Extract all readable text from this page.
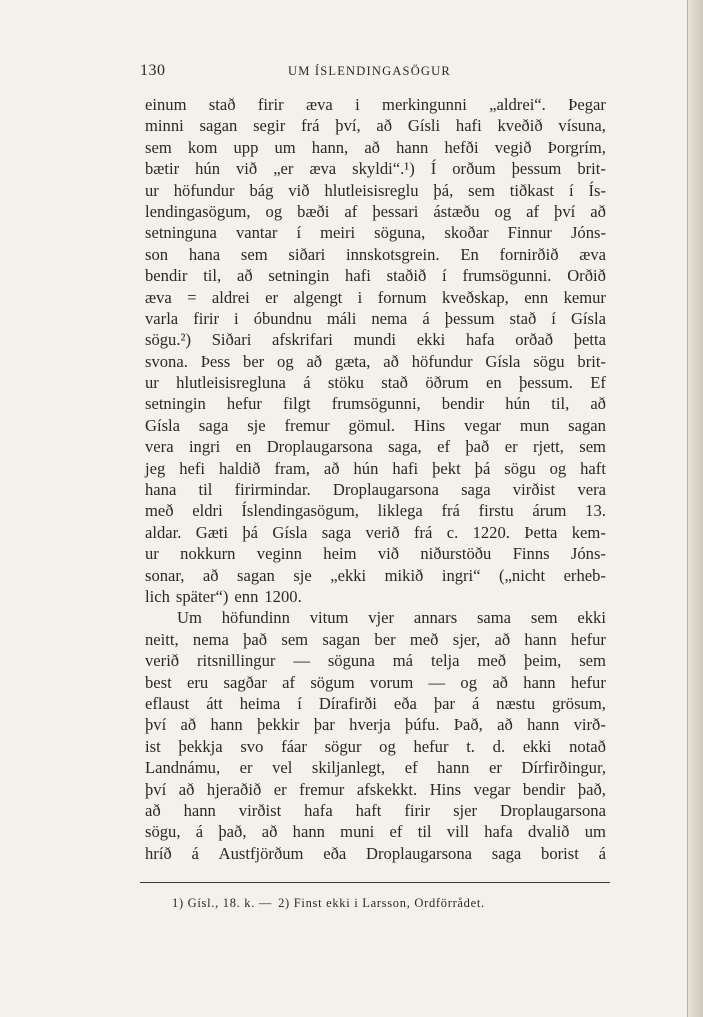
130	UM ÍSLENDINGASÖGUR
einum stað firir æva i merkingunni „aldrei“. Þegar
minni sagan segir frá því, að Gísli hafi kveðið vísuna,
sem kom upp um hann, að hann hefði vegið Þorgrím,
bætir hún við „er æva skyldi“.¹) Í orðum þessum brit-
ur höfundur bág við hlutleisisreglu þá, sem tiðkast í Ís-
lendingasögum, og bæði af þessari ástæðu og af því að
setninguna vantar í meiri söguna, skoðar Finnur Jóns-
son hana sem siðari innskotsgrein. En fornirðið æva
bendir til, að setningin hafi staðið í frumsögunni. Orðið
æva = aldrei er algengt i fornum kveðskap, enn kemur
varla firir i óbundnu máli nema á þessum stað í Gísla
sögu.²) Siðari afskrifari mundi ekki hafa orðað þetta
svona. Þess ber og að gæta, að höfundur Gísla sögu brit-
ur hlutleisisregluna á stöku stað öðrum en þessum. Ef
setningin hefur filgt frumsögunni, bendir hún til, að
Gísla saga sje fremur gömul. Hins vegar mun sagan
vera ingri en Droplaugarsona saga, ef það er rjett, sem
jeg hefi haldið fram, að hún hafi þekt þá sögu og haft
hana til firirmindar. Droplaugarsona saga virðist vera
með eldri Íslendingasögum, liklega frá firstu árum 13.
aldar. Gæti þá Gísla saga verið frá c. 1220. Þetta kem-
ur nokkurn veginn heim við niðurstöðu Finns Jóns-
sonar, að sagan sje „ekki mikið ingri“ („nicht erheb-
lich später“) enn 1200.
Um höfundinn vitum vjer annars sama sem ekki
neitt, nema það sem sagan ber með sjer, að hann hefur
verið ritsnillingur — söguna má telja með þeim, sem
best eru sagðar af sögum vorum — og að hann hefur
eflaust átt heima í Dírafirði eða þar á næstu grösum,
því að hann þekkir þar hverja þúfu. Það, að hann virð-
ist þekkja svo fáar sögur og hefur t. d. ekki notað
Landnámu, er vel skiljanlegt, ef hann er Dírfirðingur,
því að hjeraðið er fremur afskekkt. Hins vegar bendir það,
að hann virðist hafa haft firir sjer Droplaugarsona
sögu, á það, að hann muni ef til vill hafa dvalið um
hríð á Austfjörðum eða Droplaugarsona saga borist á
1) Gísl., 18. k. — 2) Finst ekki i Larsson, Ordförrådet.
